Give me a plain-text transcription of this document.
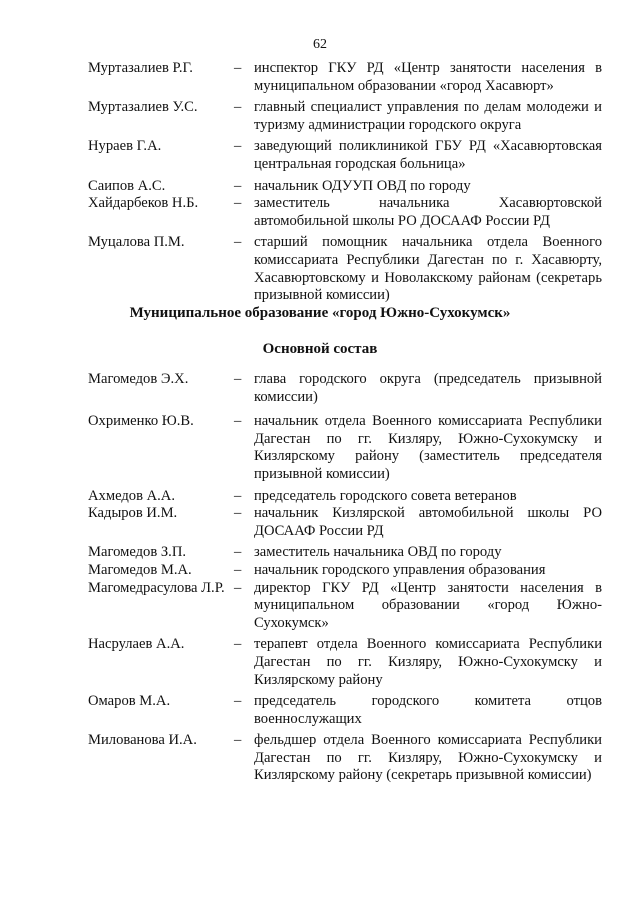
62
Муртазалиев Р.Г.	– инспектор ГКУ РД «Центр занятости населения в муниципальном образовании «город Хасавюрт»
Муртазалиев У.С.	– главный специалист управления по делам молодежи и туризму администрации городского округа
Нураев Г.А.	– заведующий поликлиникой ГБУ РД «Хасавюртовская центральная городская больница»
Саипов А.С.	– начальник ОДУУП ОВД по городу
Хайдарбеков Н.Б.	– заместитель начальника Хасавюртовской автомобильной школы РО ДОСААФ России РД
Муцалова П.М.	– старший помощник начальника отдела Военного комиссариата Республики Дагестан по г. Хасавюрту, Хасавюртовскому и Новолакскому районам (секретарь призывной комиссии)
Муниципальное образование «город Южно-Сухокумск»
Основной состав
Магомедов Э.Х.	– глава городского округа (председатель призывной комиссии)
Охрименко Ю.В.	– начальник отдела Военного комиссариата Республики Дагестан по гг. Кизляру, Южно-Сухокумску и Кизлярскому району (заместитель председателя призывной комиссии)
Ахмедов А.А.	– председатель городского совета ветеранов
Кадыров И.М.	– начальник Кизлярской автомобильной школы РО ДОСААФ России РД
Магомедов З.П.	– заместитель начальника ОВД по городу
Магомедов М.А.	– начальник городского управления образования
Магомедрасулова Л.Р. – директор ГКУ РД «Центр занятости населения в муниципальном образовании «город Южно-Сухокумск»
Насрулаев А.А.	– терапевт отдела Военного комиссариата Республики Дагестан по гг. Кизляру, Южно-Сухокумску и Кизлярскому району
Омаров М.А.	– председатель городского комитета отцов военнослужащих
Милованова И.А.	– фельдшер отдела Военного комиссариата Республики Дагестан по гг. Кизляру, Южно-Сухокумску и Кизлярскому району (секретарь призывной комиссии)
